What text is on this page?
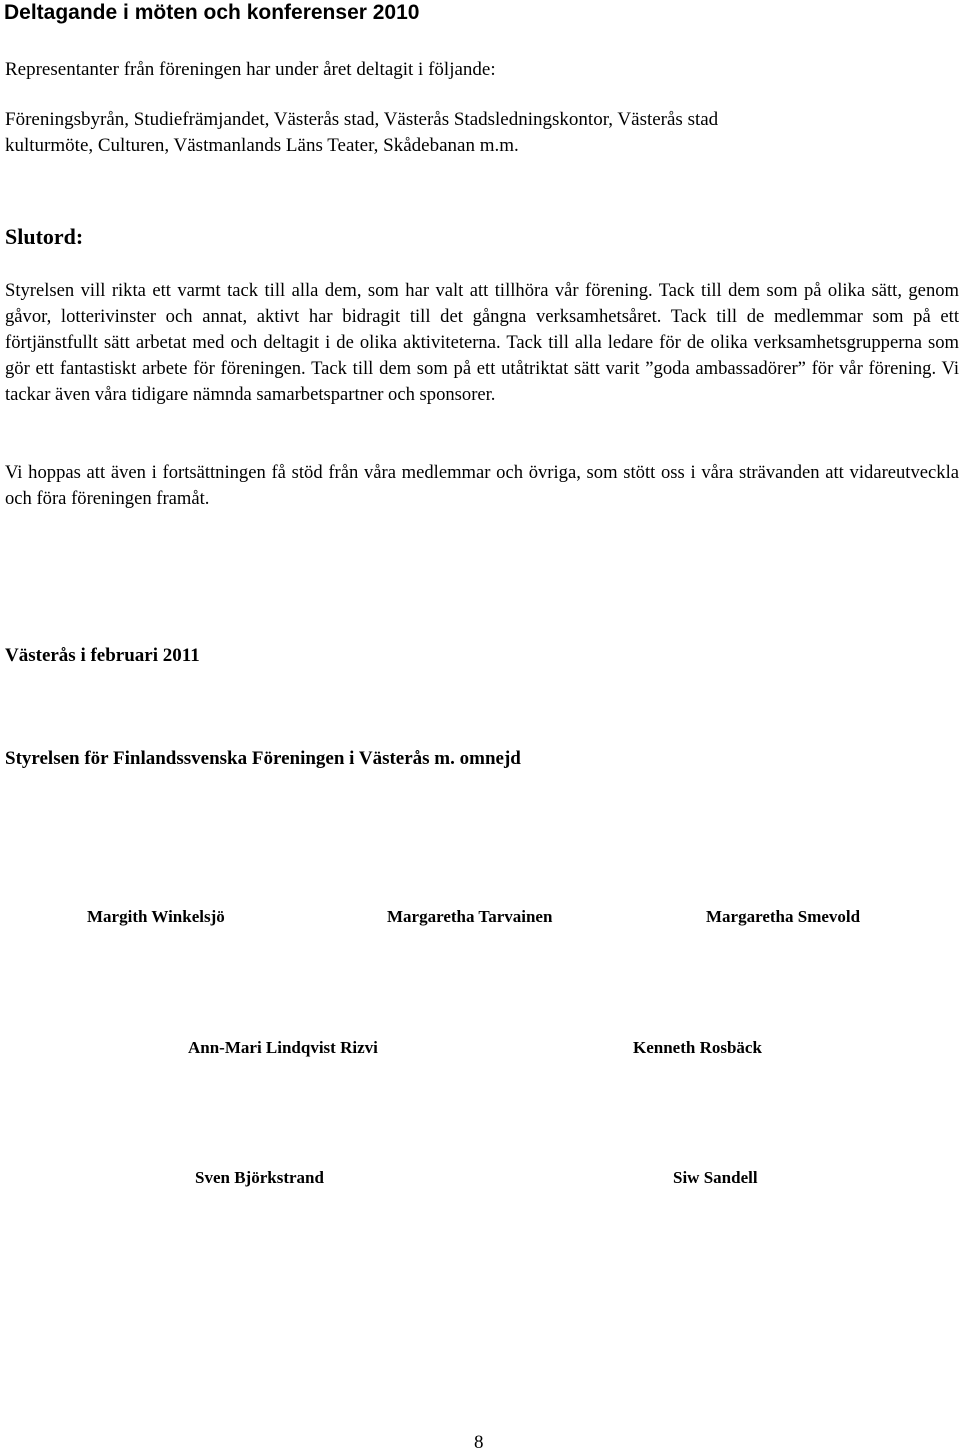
Deltagande i möten och konferenser 2010

Representanter från föreningen har under året deltagit i följande:

Föreningsbyrån, Studiefrämjandet, Västerås stad, Västerås Stadsledningskontor, Västerås stad

kulturmöte, Culturen, Västmanlands Läns Teater, Skådebanan m.m.

Slutord:

Styrelsen vill rikta ett varmt tack till alla dem, som har valt att tillhöra vår förening. Tack till dem som på olika sätt, genom gåvor, lotterivinster och annat, aktivt har bidragit till det gångna verksamhetsåret. Tack till de medlemmar som på ett förtjänstfullt sätt arbetat med och deltagit i de olika aktiviteterna. Tack till alla ledare för de olika verksamhetsgrupperna som gör ett fantastiskt arbete för föreningen. Tack till dem som på ett utåtriktat sätt varit ”goda ambassadörer” för vår förening. Vi tackar även våra tidigare nämnda samarbetspartner och sponsorer.

Vi hoppas att även i fortsättningen få stöd från våra medlemmar och övriga, som stött oss i våra strävanden att vidareutveckla och föra föreningen framåt.

Västerås i februari 2011

Styrelsen för Finlandssvenska Föreningen i Västerås m. omnejd

Margith Winkelsjö	Margaretha Tarvainen	Margaretha Smevold
Ann-Mari Lindqvist Rizvi	Kenneth Rosbäck
Sven Björkstrand	Siw Sandell
8
